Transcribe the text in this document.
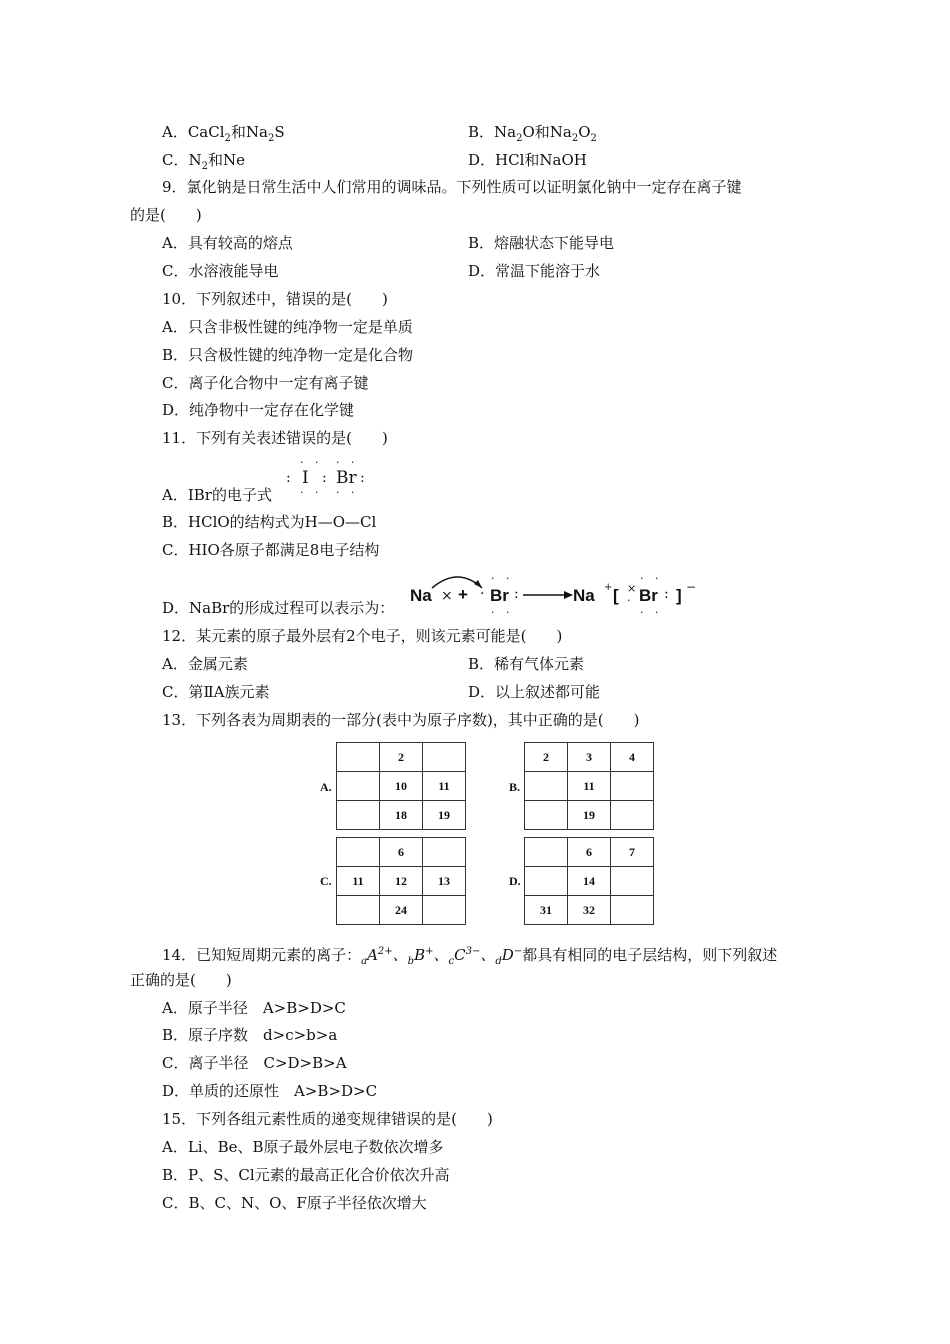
A．CaCl$_2$和$Na_2S$	B．$Na_2O$和$Na_2O_2$
C．$N_2$和Ne	D．HCl和NaOH
9．氯化钠是日常生活中人们常用的调味品。下列性质可以证明氯化钠中一定存在离子键
的是(　　)
A．具有较高的熔点	B．熔融状态下能导电
C．水溶液能导电	D．常温下能溶于水
10．下列叙述中，错误的是(　　)
A．只含非极性键的纯净物一定是单质
B．只含极性键的纯净物一定是化合物
C．离子化合物中一定有离子键
D．纯净物中一定存在化学键
11．下列有关表述错误的是(　　)
A．IBr的电子式
· · · ·
: I : Br :
· · · ·
B．HClO的结构式为H—O—Cl
C．HIO各原子都满足8电子结构
D．NaBr的形成过程可以表示为：
Na × + ·
· ·
Br
· ·
:	Na + [ ×
·
· ·
Br
· ·
: ] −
12．某元素的原子最外层有2个电子，则该元素可能是(　　)
A．金属元素	B．稀有气体元素
C．第ⅡA族元素	D．以上叙述都可能
13．下列各表为周期表的一部分(表中为原子序数)，其中正确的是(　　)
A.
	2	
	10	11
	18	19
B.
2	3	4
	11	
	19	
C.
	6	
11	12	13
	24	
D.
	6	7
	14	
31	32	
14．已知短周期元素的离子：$_aA^{2+}$、$_b$B+、$_cC^{3-}$、$_d$D−都具有相同的电子层结构，则下列叙述
正确的是(　　)
A．原子半径　A>B>D>C
B．原子序数　d>c>b>a
C．离子半径　C>D>B>A
D．单质的还原性　A>B>D>C
15．下列各组元素性质的递变规律错误的是(　　)
A．Li、Be、B原子最外层电子数依次增多
B．P、S、Cl元素的最高正化合价依次升高
C．B、C、N、O、F原子半径依次增大
